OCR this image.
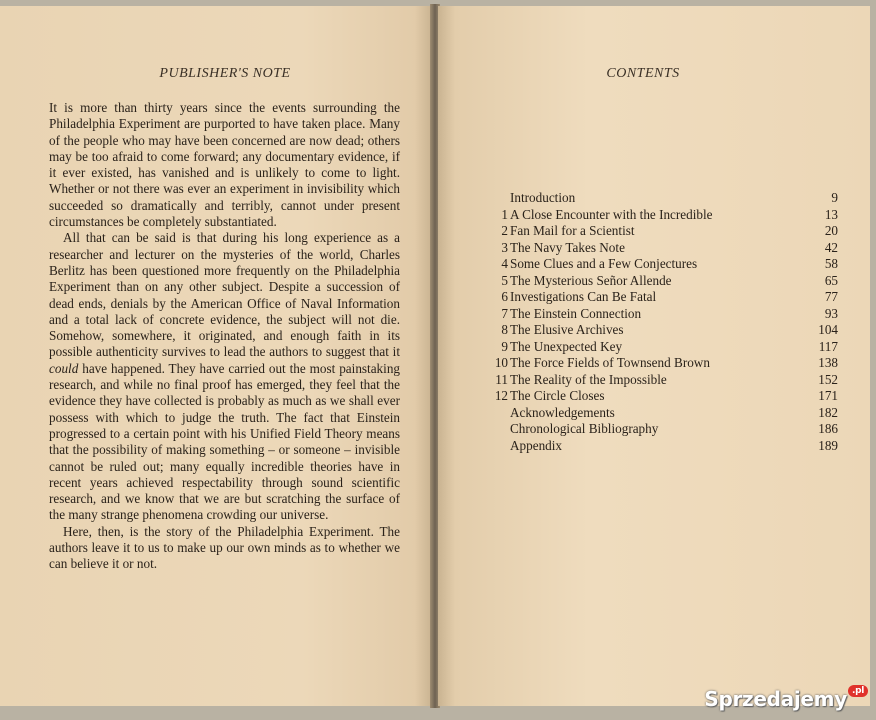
PUBLISHER'S NOTE

It is more than thirty years since the events surrounding the Philadelphia Experiment are purported to have taken place. Many of the people who may have been concerned are now dead; others may be too afraid to come forward; any documentary evidence, if it ever existed, has vanished and is unlikely to come to light. Whether or not there was ever an experiment in invisibility which succeeded so dramatically and terribly, cannot under present circumstances be completely substantiated.

All that can be said is that during his long experience as a researcher and lecturer on the mysteries of the world, Charles Berlitz has been questioned more frequently on the Philadelphia Experiment than on any other subject. Despite a succession of dead ends, denials by the American Office of Naval Information and a total lack of concrete evidence, the subject will not die. Somehow, somewhere, it originated, and enough faith in its possible authenticity survives to lead the authors to suggest that it could have happened. They have carried out the most painstaking research, and while no final proof has emerged, they feel that the evidence they have collected is probably as much as we shall ever possess with which to judge the truth. The fact that Einstein progressed to a certain point with his Unified Field Theory means that the possibility of making something – or someone – invisible cannot be ruled out; many equally incredible theories have in recent years achieved respectability through sound scientific research, and we know that we are but scratching the surface of the many strange phenomena crowding our universe.

Here, then, is the story of the Philadelphia Experiment. The authors leave it to us to make up our own minds as to whether we can believe it or not.

CONTENTS
Introduction	9
1 A Close Encounter with the Incredible	13
2 Fan Mail for a Scientist	20
3 The Navy Takes Note	42
4 Some Clues and a Few Conjectures	58
5 The Mysterious Señor Allende	65
6 Investigations Can Be Fatal	77
7 The Einstein Connection	93
8 The Elusive Archives	104
9 The Unexpected Key	117
10 The Force Fields of Townsend Brown	138
11 The Reality of the Impossible	152
12 The Circle Closes	171
Acknowledgements	182
Chronological Bibliography	186
Appendix	189
Sprzedajemy .pl
